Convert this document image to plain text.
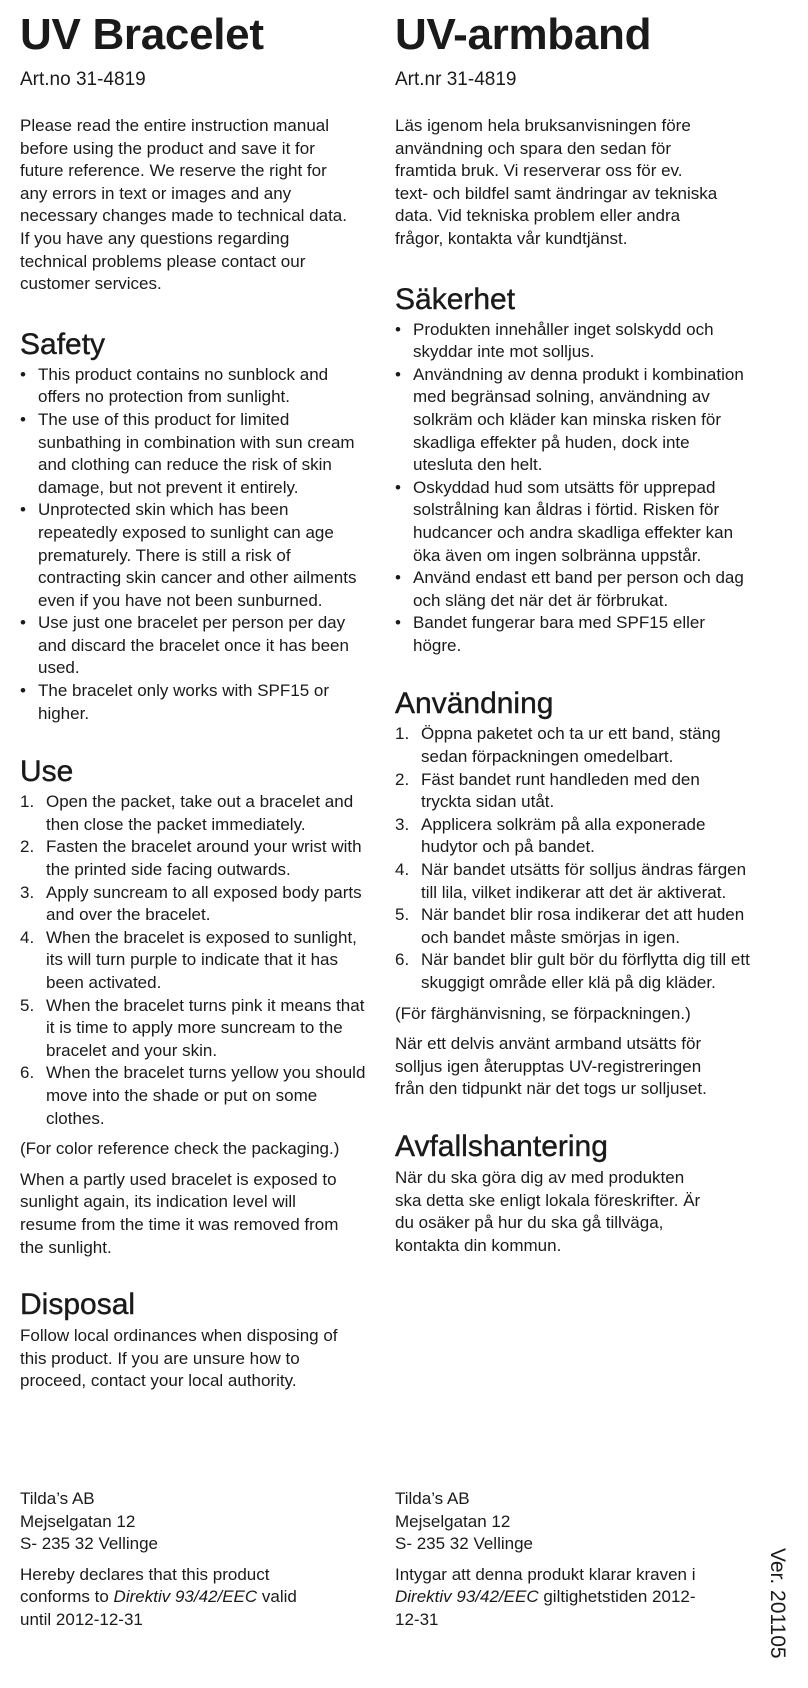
UV Bracelet
Art.no 31-4819

Please read the entire instruction manual before using the product and save it for future reference. We reserve the right for any errors in text or images and any necessary changes made to technical data. If you have any questions regarding technical problems please contact our customer services.

Safety
• This product contains no sunblock and offers no protection from sunlight.
• The use of this product for limited sunbathing in combination with sun cream and clothing can reduce the risk of skin damage, but not prevent it entirely.
• Unprotected skin which has been repeatedly exposed to sunlight can age prematurely. There is still a risk of contracting skin cancer and other ailments even if you have not been sunburned.
• Use just one bracelet per person per day and discard the bracelet once it has been used.
• The bracelet only works with SPF15 or higher.
Use
1. Open the packet, take out a bracelet and then close the packet immediately.
2. Fasten the bracelet around your wrist with the printed side facing outwards.
3. Apply suncream to all exposed body parts and over the bracelet.
4. When the bracelet is exposed to sunlight, its will turn purple to indicate that it has been activated.
5. When the bracelet turns pink it means that it is time to apply more suncream to the bracelet and your skin.
6. When the bracelet turns yellow you should move into the shade or put on some clothes.

(For color reference check the packaging.)

When a partly used bracelet is exposed to sunlight again, its indication level will resume from the time it was removed from the sunlight.

Disposal

Follow local ordinances when disposing of this product. If you are unsure how to proceed, contact your local authority.

Tilda’s AB

Mejselgatan 12

S- 235 32 Vellinge

Hereby declares that this product conforms to Direktiv 93/42/EEC valid until 2012-12-31

UV-armband
Art.nr 31-4819

Läs igenom hela bruksanvisningen före användning och spara den sedan för framtida bruk. Vi reserverar oss för ev. text- och bildfel samt ändringar av tekniska data. Vid tekniska problem eller andra frågor, kontakta vår kundtjänst.

Säkerhet
• Produkten innehåller inget solskydd och skyddar inte mot solljus.
• Användning av denna produkt i kombination med begränsad solning, användning av solkräm och kläder kan minska risken för skadliga effekter på huden, dock inte utesluta den helt.
• Oskyddad hud som utsätts för upprepad solstrålning kan åldras i förtid. Risken för hudcancer och andra skadliga effekter kan öka även om ingen solbränna uppstår.
• Använd endast ett band per person och dag och släng det när det är förbrukat.
• Bandet fungerar bara med SPF15 eller högre.
Användning
1. Öppna paketet och ta ur ett band, stäng sedan förpackningen omedelbart.
2. Fäst bandet runt handleden med den tryckta sidan utåt.
3. Applicera solkräm på alla exponerade hudytor och på bandet.
4. När bandet utsätts för solljus ändras färgen till lila, vilket indikerar att det är aktiverat.
5. När bandet blir rosa indikerar det att huden och bandet måste smörjas in igen.
6. När bandet blir gult bör du förflytta dig till ett skuggigt område eller klä på dig kläder.

(För färghänvisning, se förpackningen.)

När ett delvis använt armband utsätts för solljus igen återupptas UV-registreringen från den tidpunkt när det togs ur solljuset.

Avfallshantering

När du ska göra dig av med produkten ska detta ske enligt lokala föreskrifter. Är du osäker på hur du ska gå tillväga, kontakta din kommun.

Tilda’s AB

Mejselgatan 12

S- 235 32 Vellinge

Intygar att denna produkt klarar kraven i Direktiv 93/42/EEC giltighetstiden 2012-12-31	Ver. 201105
